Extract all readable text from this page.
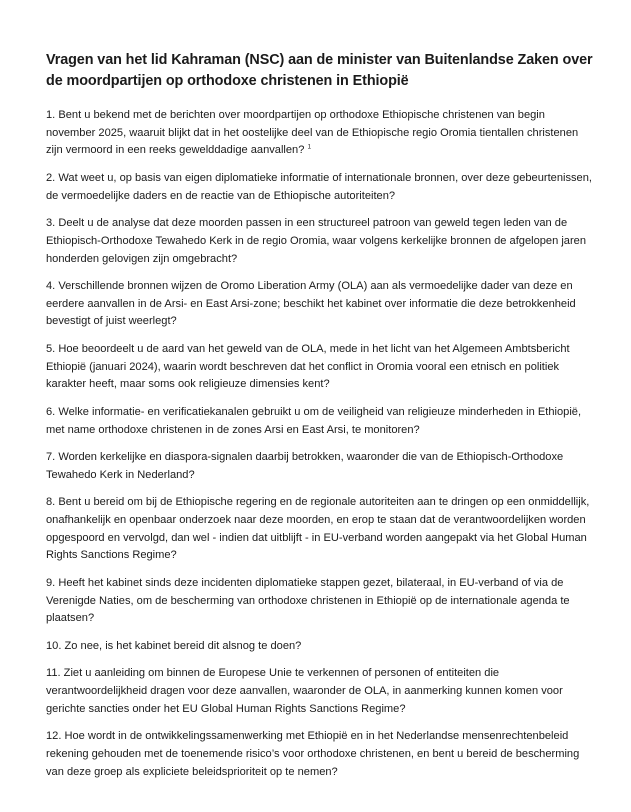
Vragen van het lid Kahraman (NSC) aan de minister van Buitenlandse Zaken over de moordpartijen op orthodoxe christenen in Ethiopië
1. Bent u bekend met de berichten over moordpartijen op orthodoxe Ethiopische christenen van begin november 2025, waaruit blijkt dat in het oostelijke deel van de Ethiopische regio Oromia tientallen christenen zijn vermoord in een reeks gewelddadige aanvallen? $^1$
2. Wat weet u, op basis van eigen diplomatieke informatie of internationale bronnen, over deze gebeurtenissen, de vermoedelijke daders en de reactie van de Ethiopische autoriteiten?
3. Deelt u de analyse dat deze moorden passen in een structureel patroon van geweld tegen leden van de Ethiopisch-Orthodoxe Tewahedo Kerk in de regio Oromia, waar volgens kerkelijke bronnen de afgelopen jaren honderden gelovigen zijn omgebracht?
4. Verschillende bronnen wijzen de Oromo Liberation Army (OLA) aan als vermoedelijke dader van deze en eerdere aanvallen in de Arsi- en East Arsi-zone; beschikt het kabinet over informatie die deze betrokkenheid bevestigt of juist weerlegt?
5. Hoe beoordeelt u de aard van het geweld van de OLA, mede in het licht van het Algemeen Ambtsbericht Ethiopië (januari 2024), waarin wordt beschreven dat het conflict in Oromia vooral een etnisch en politiek karakter heeft, maar soms ook religieuze dimensies kent?
6. Welke informatie- en verificatiekanalen gebruikt u om de veiligheid van religieuze minderheden in Ethiopië, met name orthodoxe christenen in de zones Arsi en East Arsi, te monitoren?
7. Worden kerkelijke en diaspora-signalen daarbij betrokken, waaronder die van de Ethiopisch-Orthodoxe Tewahedo Kerk in Nederland?
8. Bent u bereid om bij de Ethiopische regering en de regionale autoriteiten aan te dringen op een onmiddellijk, onafhankelijk en openbaar onderzoek naar deze moorden, en erop te staan dat de verantwoordelijken worden opgespoord en vervolgd, dan wel - indien dat uitblijft - in EU-verband worden aangepakt via het Global Human Rights Sanctions Regime?
9. Heeft het kabinet sinds deze incidenten diplomatieke stappen gezet, bilateraal, in EU-verband of via de Verenigde Naties, om de bescherming van orthodoxe christenen in Ethiopië op de internationale agenda te plaatsen?
10. Zo nee, is het kabinet bereid dit alsnog te doen?
11. Ziet u aanleiding om binnen de Europese Unie te verkennen of personen of entiteiten die verantwoordelijkheid dragen voor deze aanvallen, waaronder de OLA, in aanmerking kunnen komen voor gerichte sancties onder het EU Global Human Rights Sanctions Regime?
12. Hoe wordt in de ontwikkelingssamenwerking met Ethiopië en in het Nederlandse mensenrechtenbeleid rekening gehouden met de toenemende risico’s voor orthodoxe christenen, en bent u bereid de bescherming van deze groep als expliciete beleidsprioriteit op te nemen?
